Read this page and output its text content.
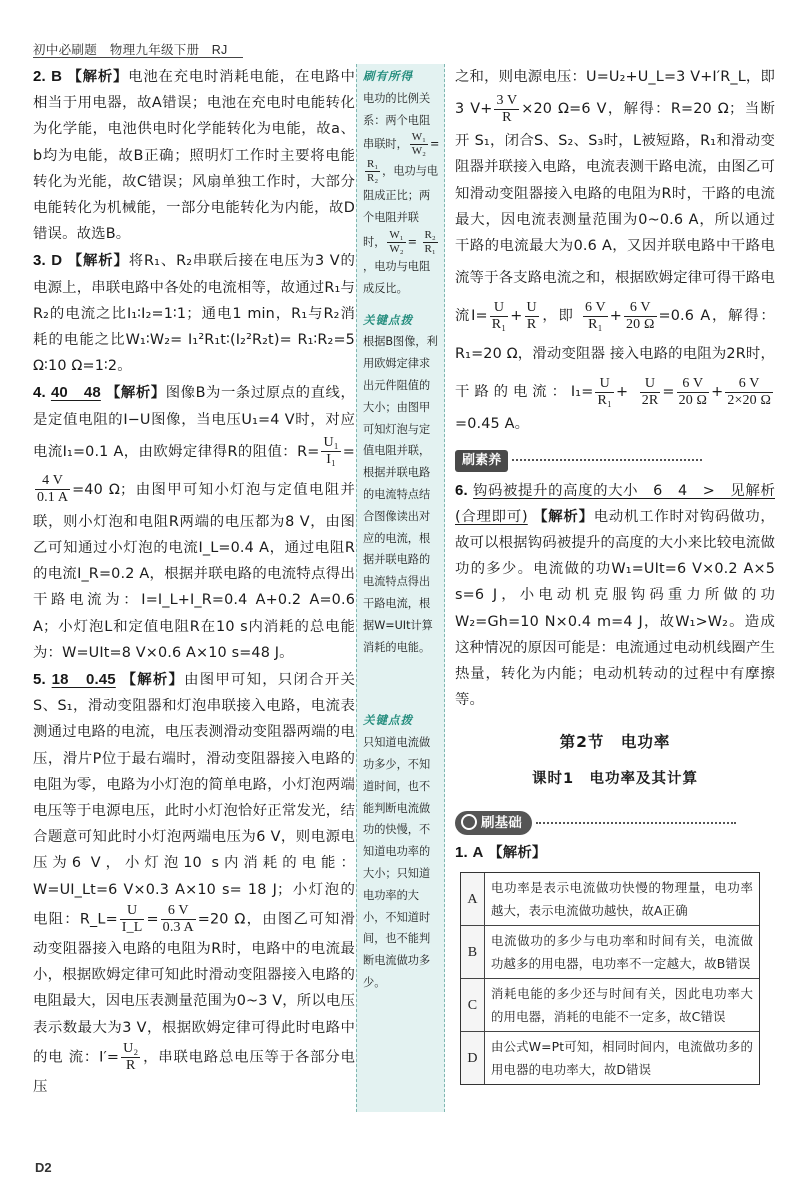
初中必刷题　物理九年级下册 RJ

2. B 【解析】电池在充电时消耗电能，在电路中相当于用电器，故A错误；电池在充电时电能转化为化学能，电池供电时化学能转化为电能，故a、b均为电能，故B正确；照明灯工作时主要将电能转化为光能，故C错误；风扇单独工作时，大部分电能转化为机械能，一部分电能转化为内能，故D错误。故选B。

3. D 【解析】将R₁、R₂串联后接在电压为3 V的电源上，串联电路中各处的电流相等，故通过R₁与R₂的电流之比I₁∶I₂=1∶1；通电1 min，R₁与R₂消耗的电能之比W₁∶W₂= I₁²R₁t∶(I₂²R₂t)= R₁∶R₂=5 Ω∶10 Ω=1∶2。

4. 40　48 【解析】图像B为一条过原点的直线，是定值电阻的I−U图像，当电压U₁=4 V时，对应电流I₁=0.1 A，由欧姆定律得R的阻值：$R= \frac{\text{U₁}}{\text{I₁}}$ =
$\frac{4 V}{0.1 A} =40$ Ω；由图甲可知小灯泡与定值电阻并联，则小灯泡和电阻R两端的电压都为8 V，由图乙可知通过小灯泡的电流I_L=0.4 A，通过电阻R的电流I_R=0.2 A，根据并联电路的电流特点得出干路电流为：I=I_L+I_R=0.4 A+0.2 A=0.6 A；小灯泡L和定值电阻R在10 s内消耗的总电能为：W=UIt=8 V×0.6 A×10 s=48 J。

5. 18　0.45 【解析】由图甲可知，只闭合开关S、S₁，滑动变阻器和灯泡串联接入电路，电流表测通过电路的电流，电压表测滑动变阻器两端的电压，滑片P位于最右端时，滑动变阻器接入电路的电阻为零，电路为小灯泡的简单电路，小灯泡两端电压等于电源电压，此时小灯泡恰好正常发光，结合题意可知此时小灯泡两端电压为6 V，则电源电压为6 V，小灯泡10 s内消耗的电能：W=UI_Lt=6 V×0.3 A×10 s= 18 J；小灯泡的电阻：R_L= $\frac{U}{I\_L} = \frac{6 V}{0.3 A} =20$ Ω，由图乙可知滑动变阻器接入电路的电阻为R时，电路中的电流最小，根据欧姆定律可知此时滑动变阻器接入电路的电阻最大，因电压表测量范围为0~3 V，所以电压表示数最大为3 V，根据欧姆定律可得此时电路中的电 流：$I'= \frac{\text{U₂}}{R}$ ，串联电路总电压等于各部分电压

刷有所得
电功的比例关系：两个电阻串联时， $\frac{\text{W₁}}{\text{W₂}}$ =
$\frac{\text{R₁}}{\text{R₂}}$ ，电功与电阻成正比；两个电阻并联时， $\frac{\text{W₁}}{\text{W₂}} = \frac{\text{R₂}}{\text{R₁}}$
，电功与电阻成反比。
关键点拨
根据B图像，利用欧姆定律求出元件阻值的大小；由图甲可知灯泡与定值电阻并联，根据并联电路的电流特点结合图像读出对应的电流，根据并联电路的电流特点得出干路电流，根据W=UIt计算消耗的电能。
关键点拨
只知道电流做功多少，不知道时间，也不能判断电流做功的快慢，不知道电功率的大小；只知道电功率的大小，不知道时间，也不能判断电流做功多少。

之和，则电源电压：U=U₂+U_L=3 V+I′R_L，即 3 $V+ \frac{3 V}{R} \times 20$ Ω=6 V，解得：R=20 Ω；当断开 S₁，闭合S、S₂、S₃时，L被短路，R₁和滑动变阻器并联接入电路，电流表测干路电流，由图乙可知滑动变阻器接入电路的电阻为R时，干路的电流最大，因电流表测量范围为0~0.6 A，所以通过干路的电流最大为0.6 A，又因并联电路中干路电流等于各支路电流之和，根据欧姆定律可得干路电流$I= \frac{U}{\text{R₁}} + \frac{U}{R}$ ，即 $\frac{6 V}{\text{R₁}} + \frac{6 V}{20 \Omega} =0.6$ A，解得：R₁=20 Ω，滑动变阻器 接入电路的电阻为2R时，干路的电流：$I_1= \frac{U}{\text{R₁}} + \frac{U}{2R} = \frac{6 V}{20 \Omega} + \frac{6 V}{2\times 20 \Omega}$
=0.45 A。

刷素养

6. 钩码被提升的高度的大小　6　4　>　见解析(合理即可) 【解析】电动机工作时对钩码做功，故可以根据钩码被提升的高度的大小来比较电流做功的多少。电流做的功W₁=UIt=6 V×0.2 A×5 s=6 J，小电动机克服钩码重力所做的功W₂=Gh=10 N×0.4 m=4 J，故W₁>W₂。造成这种情况的原因可能是：电流通过电动机线圈产生热量，转化为内能；电动机转动的过程中有摩擦等。

第2节　电功率
课时1　电功率及其计算
刷基础

1. A 【解析】

A
电功率是表示电流做功快慢的物理量，电功率越大，表示电流做功越快，故A正确
B
电流做功的多少与电功率和时间有关，电流做功越多的用电器，电功率不一定越大，故B错误
C
消耗电能的多少还与时间有关，因此电功率大的用电器，消耗的电能不一定多，故C错误
D
由公式W=Pt可知，相同时间内，电流做功多的用电器的电功率大，故D错误
D2
